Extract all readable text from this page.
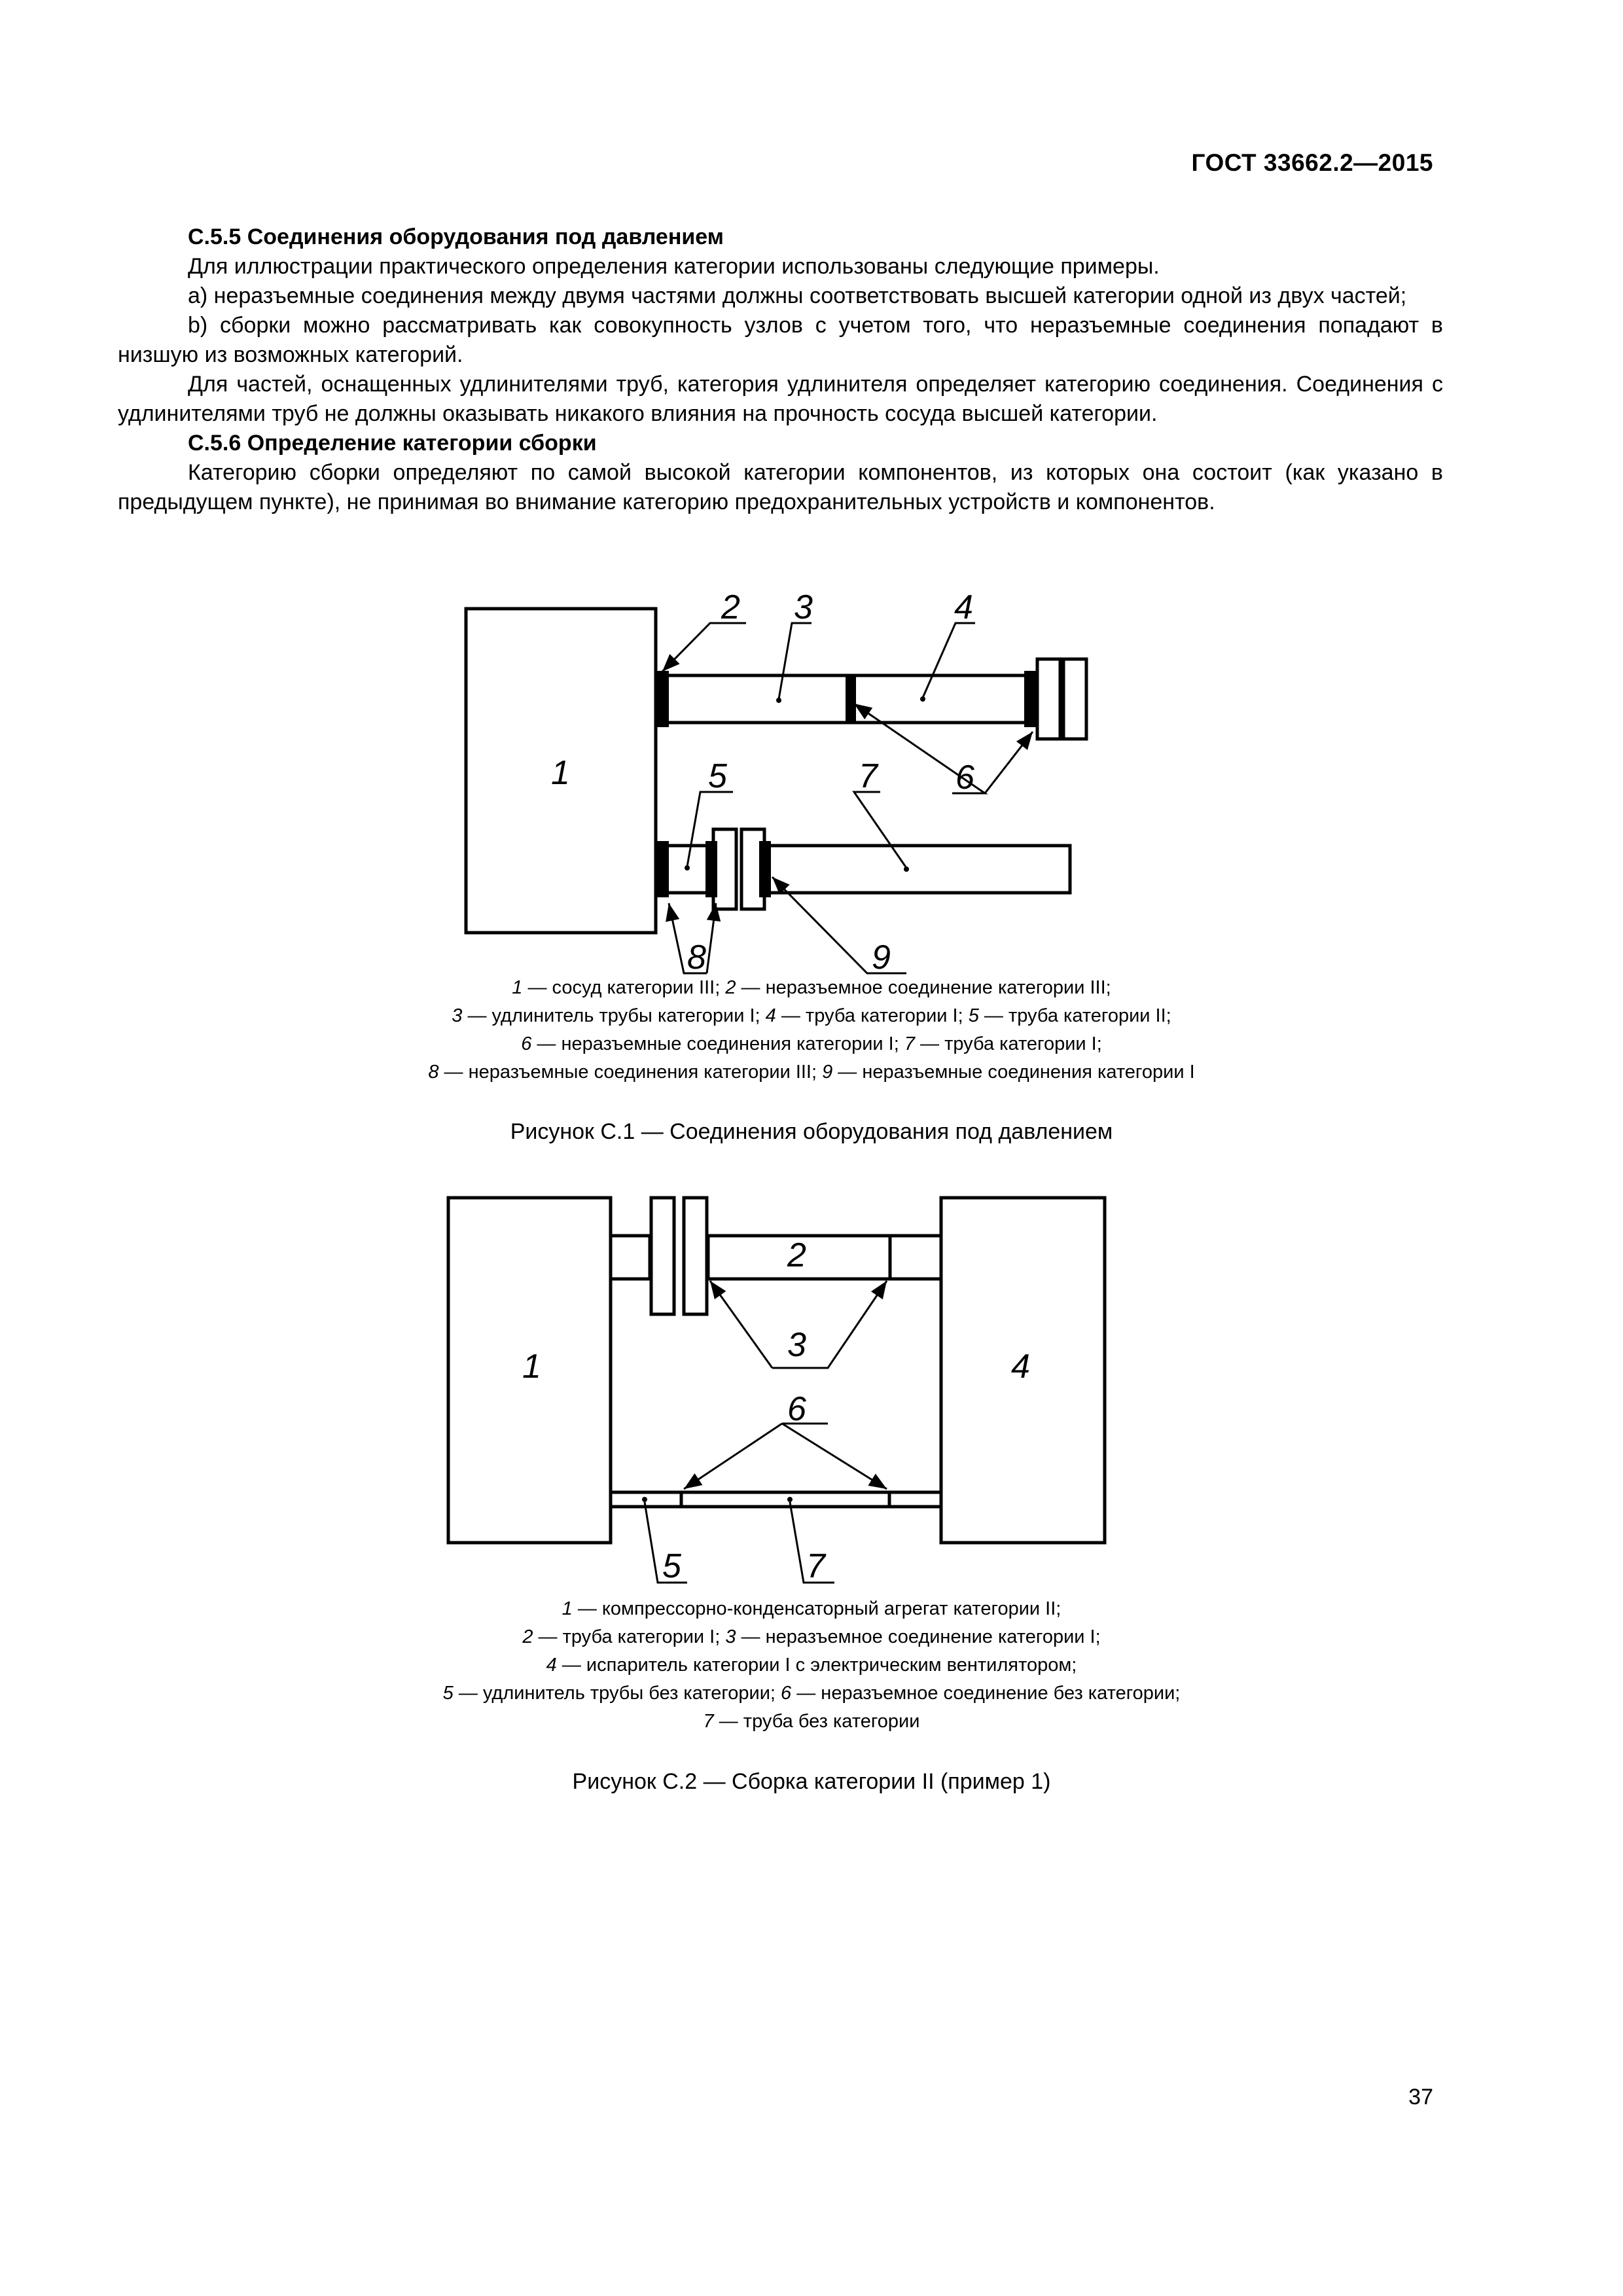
ГОСТ 33662.2—2015

С.5.5 Соединения оборудования под давлением

Для иллюстрации практического определения категории использованы следующие примеры.

a) неразъемные соединения между двумя частями должны соответствовать высшей категории одной из двух частей;

b) сборки можно рассматривать как совокупность узлов с учетом того, что неразъемные соединения попадают в низшую из возможных категорий.

Для частей, оснащенных удлинителями труб, категория удлинителя определяет категорию соединения. Соединения с удлинителями труб не должны оказывать никакого влияния на прочность сосуда высшей категории.

С.5.6 Определение категории сборки

Категорию сборки определяют по самой высокой категории компонентов, из которых она состоит (как указано в предыдущем пункте), не принимая во внимание категорию предохранительных устройств и компонентов.

1
2 3	4
5	6
7
8	9
1 — сосуд категории III; 2 — неразъемное соединение категории III;
3 — удлинитель трубы категории I; 4 — труба категории I; 5 — труба категории II;
6 — неразъемные соединения категории I; 7 — труба категории I;
8 — неразъемные соединения категории III; 9 — неразъемные соединения категории I
Рисунок С.1 — Соединения оборудования под давлением
1
2
3
4
5
6
7
1 — компрессорно-конденсаторный агрегат категории II;
2 — труба категории I; 3 — неразъемное соединение категории I;
4 — испаритель категории I с электрическим вентилятором;
5 — удлинитель трубы без категории; 6 — неразъемное соединение без категории;
7 — труба без категории
Рисунок С.2 — Сборка категории II (пример 1)
37
